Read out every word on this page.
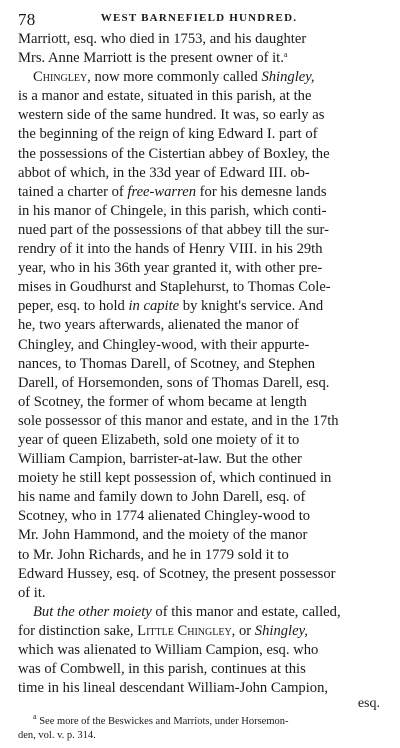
78	WEST BARNEFIELD HUNDRED.

Marriott, esq. who died in 1753, and his daughter
Mrs. Anne Marriott is the present owner of it.$^a$

Chingley, now more commonly called Shingley,
is a manor and estate, situated in this parish, at the
western side of the same hundred. It was, so early as
the beginning of the reign of king Edward I. part of
the possessions of the Cistertian abbey of Boxley, the
abbot of which, in the 33d year of Edward III. ob-
tained a charter of free-warren for his demesne lands
in his manor of Chingele, in this parish, which conti-
nued part of the possessions of that abbey till the sur-
rendry of it into the hands of Henry VIII. in his 29th
year, who in his 36th year granted it, with other pre-
mises in Goudhurst and Staplehurst, to Thomas Cole-
peper, esq. to hold in capite by knight's service. And
he, two years afterwards, alienated the manor of
Chingley, and Chingley-wood, with their appurte-
nances, to Thomas Darell, of Scotney, and Stephen
Darell, of Horsemonden, sons of Thomas Darell, esq.
of Scotney, the former of whom became at length
sole possessor of this manor and estate, and in the 17th
year of queen Elizabeth, sold one moiety of it to
William Campion, barrister-at-law. But the other
moiety he still kept possession of, which continued in
his name and family down to John Darell, esq. of
Scotney, who in 1774 alienated Chingley-wood to
Mr. John Hammond, and the moiety of the manor
to Mr. John Richards, and he in 1779 sold it to
Edward Hussey, esq. of Scotney, the present possessor
of it.

But the other moiety of this manor and estate, called,
for distinction sake, Little Chingley, or Shingley,
which was alienated to William Campion, esq. who
was of Combwell, in this parish, continues at this
time in his lineal descendant William-John Campion,

$^a$ See more of the Beswickes and Marriots, under Horsemon-
den, vol. v. p. 314.
esq.
